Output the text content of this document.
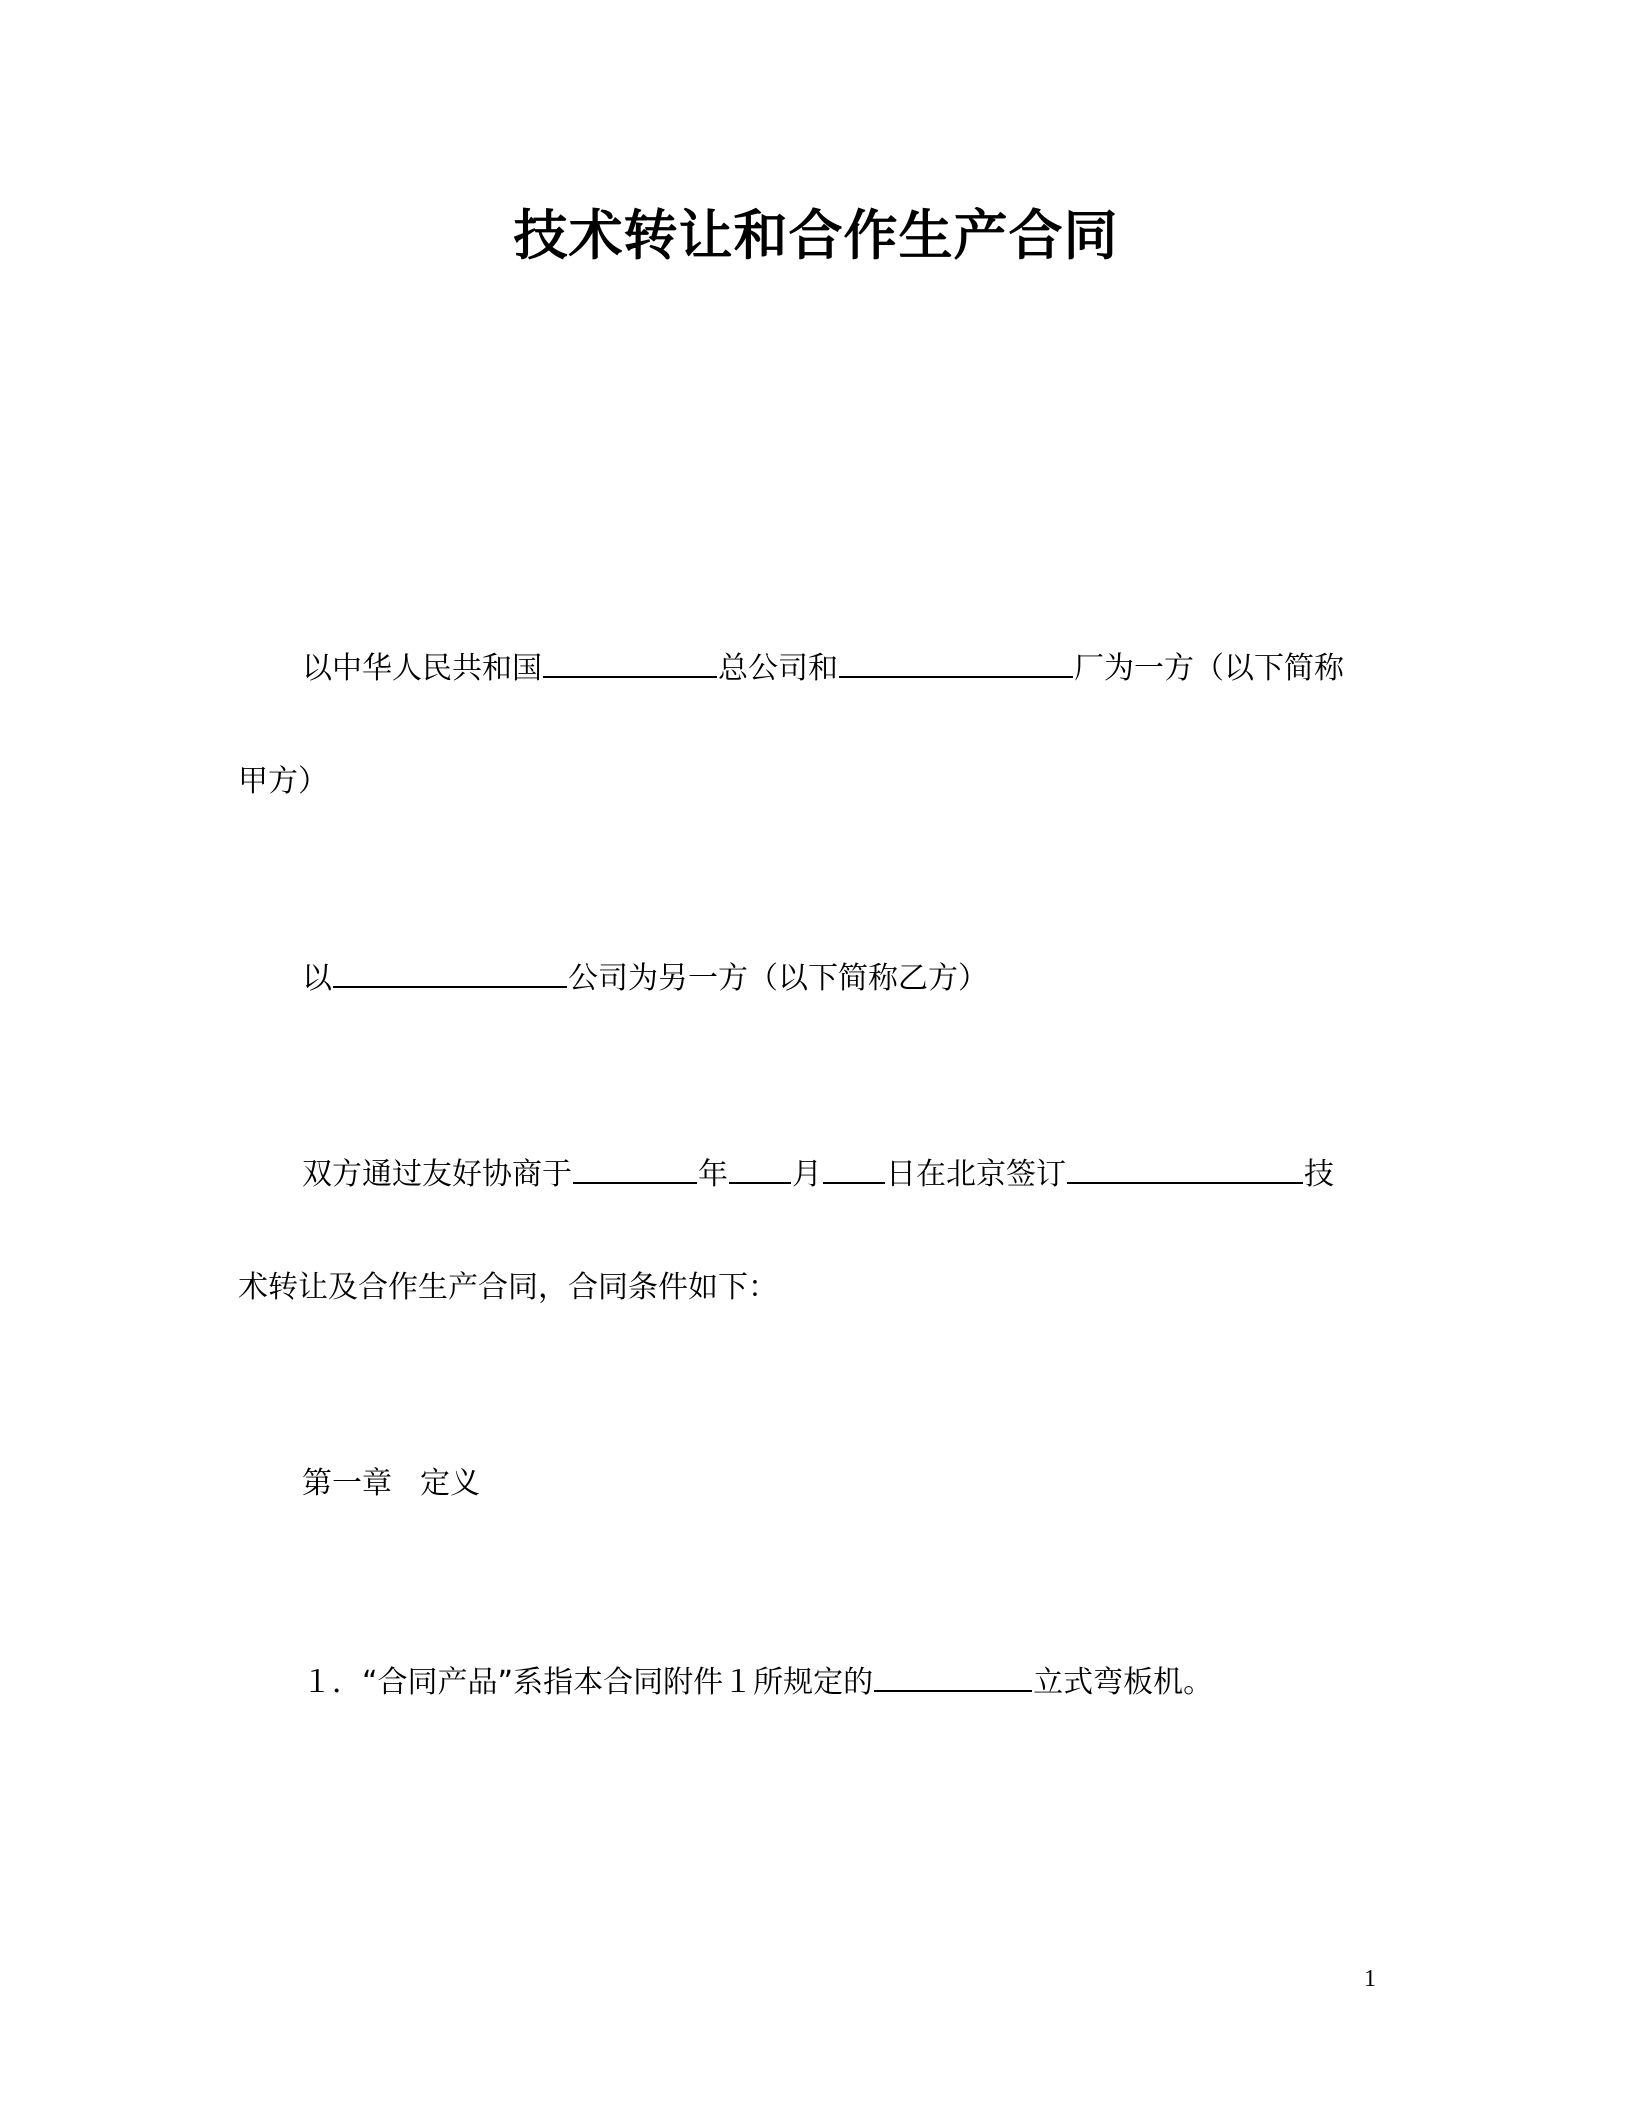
技术转让和合作生产合同
以中华人民共和国	总公司和	厂为一方（以下简称
甲方）
以	公司为另一方（以下简称乙方）
双方通过友好协商于	年 月 日在北京签订	技
术转让及合作生产合同，合同条件如下：
第一章 定义
１．“合同产品”系指本合同附件１所规定的	立式弯板机。
1
